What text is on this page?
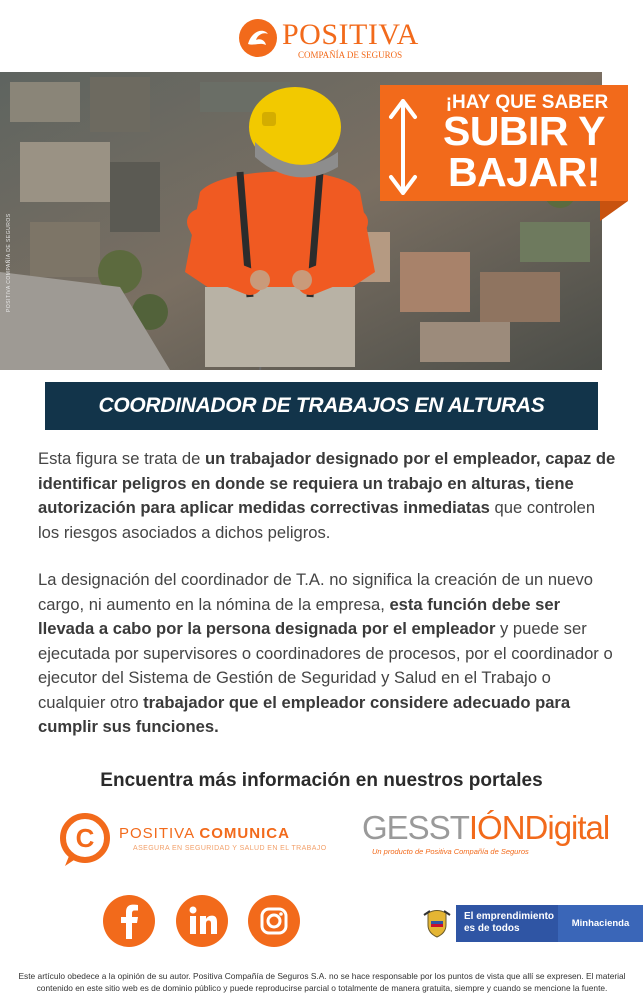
POSITIVA
COMPAÑÍA DE SEGUROS
POSITIVA COMPAÑÍA DE SEGUROS
¡HAY QUE SABER
SUBIR Y
BAJAR!
COORDINADOR DE TRABAJOS EN ALTURAS
Esta figura se trata de un trabajador designado por el empleador, capaz de identificar peligros en donde se requiera un trabajo en alturas, tiene autorización para aplicar medidas correctivas inmediatas que controlen los riesgos asociados a dichos peligros.
La designación del coordinador de T.A. no significa la creación de un nuevo cargo, ni aumento en la nómina de la empresa, esta función debe ser llevada a cabo por la persona designada por el empleador y puede ser ejecutada por supervisores o coordinadores de procesos, por el coordinador o ejecutor del Sistema de Gestión de Seguridad y Salud en el Trabajo o cualquier otro trabajador que el empleador considere adecuado para cumplir sus funciones.
Encuentra más información en nuestros portales
C POSITIVA COMUNICA
ASEGURA EN SEGURIDAD Y SALUD EN EL TRABAJO
GESSTIÓNDigital
Un producto de Positiva Compañía de Seguros
El emprendimiento es de todos	Minhacienda
Este artículo obedece a la opinión de su autor. Positiva Compañía de Seguros S.A. no se hace responsable por los puntos de vista que allí se expresen. El material contenido en este sitio web es de dominio público y puede reproducirse parcial o totalmente de manera gratuita, siempre y cuando se mencione la fuente.
